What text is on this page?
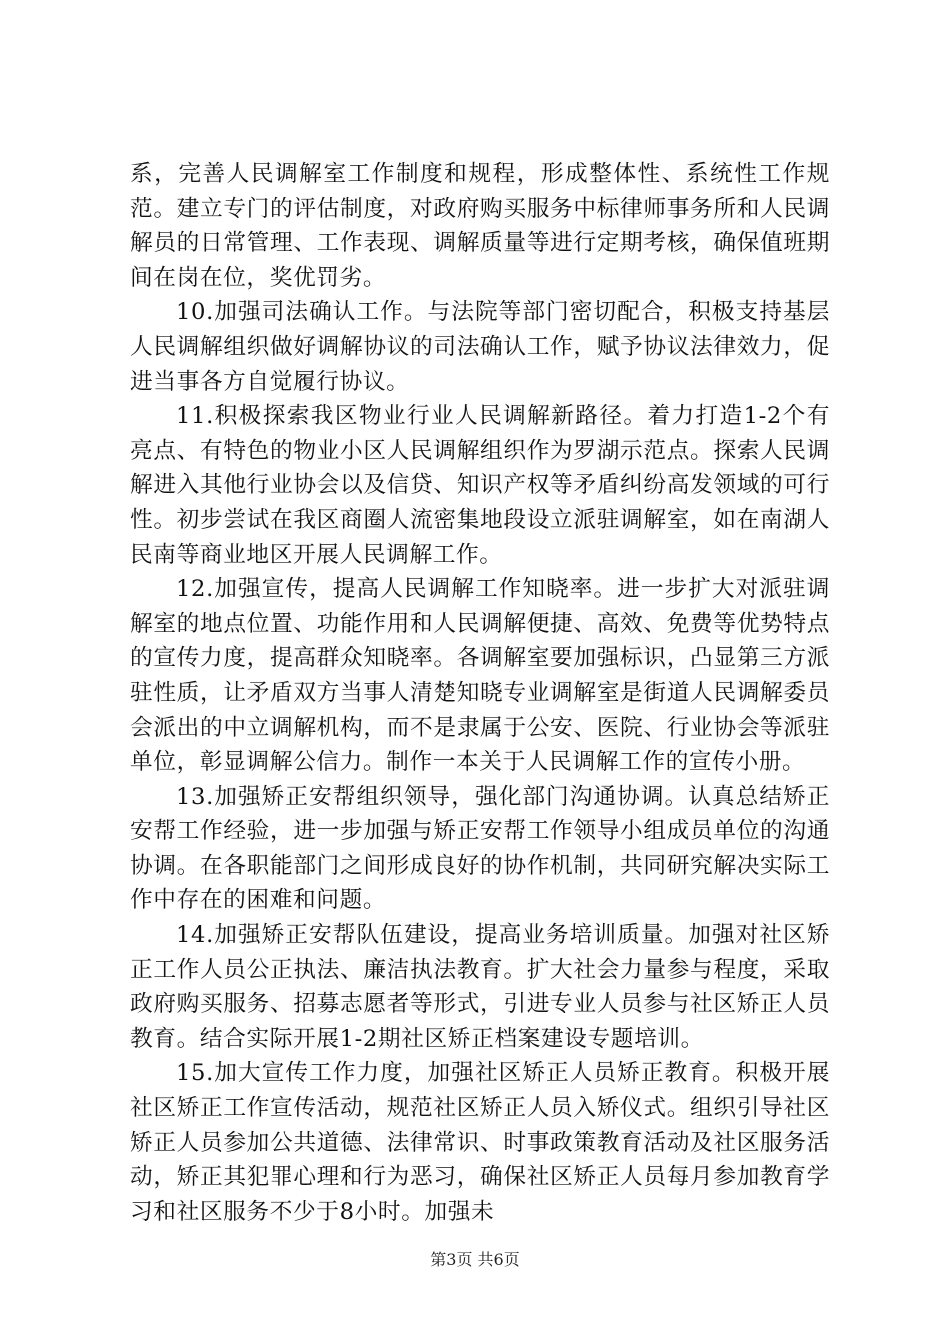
系，完善人民调解室工作制度和规程，形成整体性、系统性工作规范。建立专门的评估制度，对政府购买服务中标律师事务所和人民调解员的日常管理、工作表现、调解质量等进行定期考核，确保值班期间在岗在位，奖优罚劣。

10.加强司法确认工作。与法院等部门密切配合，积极支持基层人民调解组织做好调解协议的司法确认工作，赋予协议法律效力，促进当事各方自觉履行协议。

11.积极探索我区物业行业人民调解新路径。着力打造1-2个有亮点、有特色的物业小区人民调解组织作为罗湖示范点。探索人民调解进入其他行业协会以及信贷、知识产权等矛盾纠纷高发领域的可行性。初步尝试在我区商圈人流密集地段设立派驻调解室，如在南湖人民南等商业地区开展人民调解工作。

12.加强宣传，提高人民调解工作知晓率。进一步扩大对派驻调解室的地点位置、功能作用和人民调解便捷、高效、免费等优势特点的宣传力度，提高群众知晓率。各调解室要加强标识，凸显第三方派驻性质，让矛盾双方当事人清楚知晓专业调解室是街道人民调解委员会派出的中立调解机构，而不是隶属于公安、医院、行业协会等派驻单位，彰显调解公信力。制作一本关于人民调解工作的宣传小册。

13.加强矫正安帮组织领导，强化部门沟通协调。认真总结矫正安帮工作经验，进一步加强与矫正安帮工作领导小组成员单位的沟通协调。在各职能部门之间形成良好的协作机制，共同研究解决实际工作中存在的困难和问题。

14.加强矫正安帮队伍建设，提高业务培训质量。加强对社区矫正工作人员公正执法、廉洁执法教育。扩大社会力量参与程度，采取政府购买服务、招募志愿者等形式，引进专业人员参与社区矫正人员教育。结合实际开展1-2期社区矫正档案建设专题培训。

15.加大宣传工作力度，加强社区矫正人员矫正教育。积极开展社区矫正工作宣传活动，规范社区矫正人员入矫仪式。组织引导社区矫正人员参加公共道德、法律常识、时事政策教育活动及社区服务活动，矫正其犯罪心理和行为恶习，确保社区矫正人员每月参加教育学习和社区服务不少于8小时。加强未

第3页 共6页
